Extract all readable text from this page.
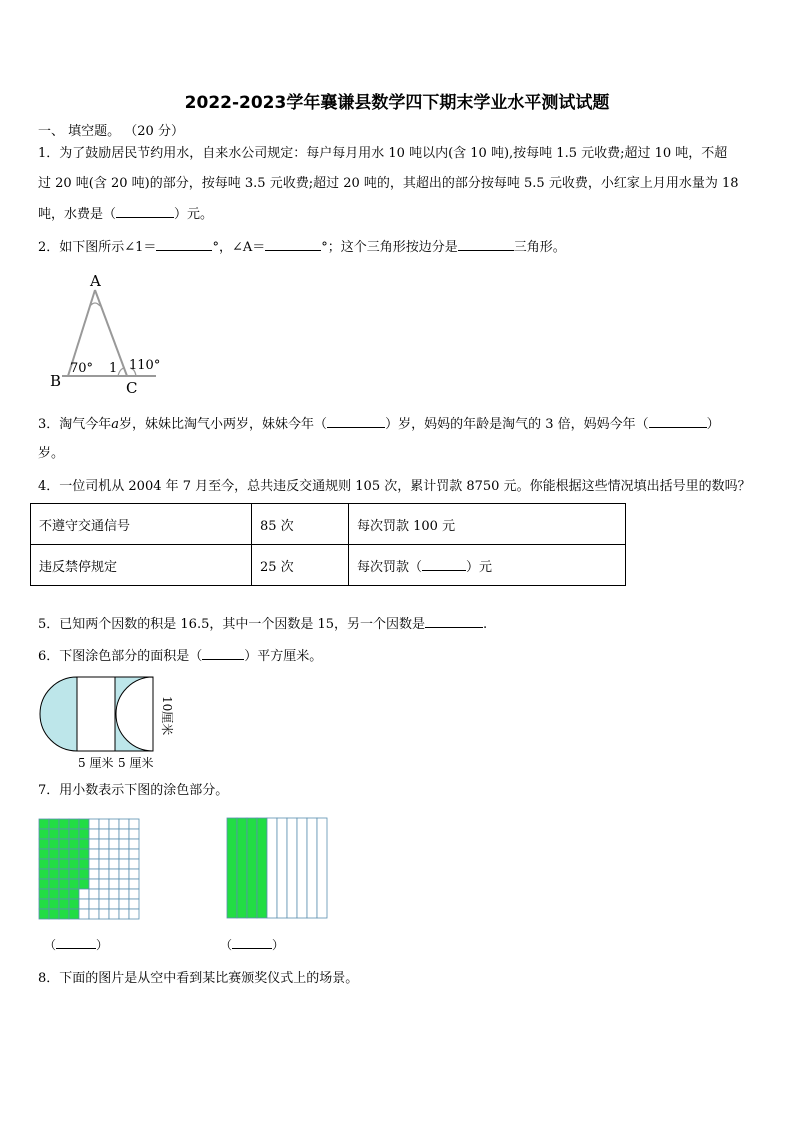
2022-2023学年襄谦县数学四下期末学业水平测试试题
一、 填空题。 （20 分）
1．为了鼓励居民节约用水，自来水公司规定：每户每月用水 10 吨以内(含 10 吨),按每吨 1.5 元收费;超过 10 吨，不超
过 20 吨(含 20 吨)的部分，按每吨 3.5 元收费;超过 20 吨的，其超出的部分按每吨 5.5 元收费，小红家上月用水量为 18
吨，水费是（	）元。
2．如下图所示∠1＝	°，∠A＝	°；这个三角形按边分是	三角形。
A
B	C
70° 1 110°
3．淘气今年a岁，妹妹比淘气小两岁，妹妹今年（	）岁，妈妈的年龄是淘气的 3 倍，妈妈今年（	）
岁。
4．一位司机从 2004 年 7 月至今，总共违反交通规则 105 次，累计罚款 8750 元。你能根据这些情况填出括号里的数吗？
不遵守交通信号	85 次	每次罚款 100 元
违反禁停规定	25 次	每次罚款（ ）元
5．已知两个因数的积是 16.5，其中一个因数是 15，另一个因数是	.
6．下图涂色部分的面积是（	）平方厘米。
10厘米
5 厘米 5 厘米
7．用小数表示下图的涂色部分。
（	）	（	）
8．下面的图片是从空中看到某比赛颁奖仪式上的场景。
